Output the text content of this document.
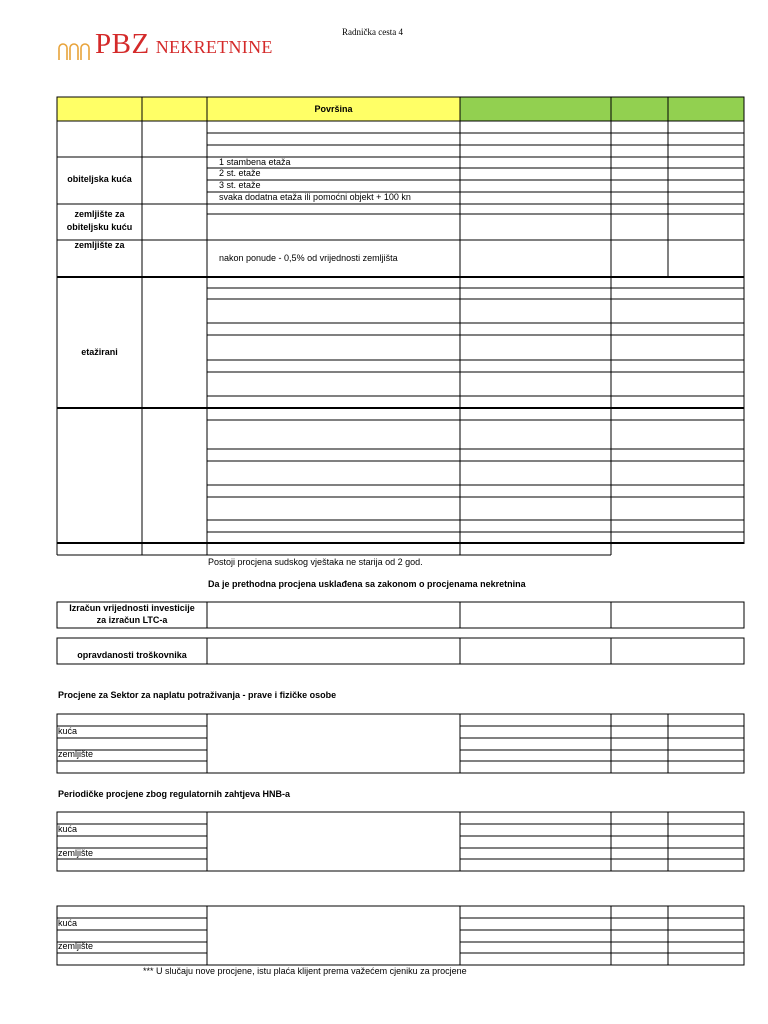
PBZ NEKRETNINE
Radnička cesta 4
Površina
obiteljska kuća
1 stambena etaža
2 st. etaže
3 st. etaže
svaka dodatna etaža ili pomoćni objekt + 100 kn
zemljište za
obiteljsku kuću
zemljište za
nakon ponude - 0,5% od vrijednosti zemljišta
etažirani
Postoji procjena sudskog vještaka ne starija od 2 god.
Da je prethodna procjena usklađena sa zakonom o procjenama nekretnina
Izračun vrijednosti investicije
za izračun LTC-a
opravdanosti troškovnika
Procjene za Sektor za naplatu potraživanja - prave i fizičke osobe
kuća
zemljište
Periodičke procjene zbog regulatornih zahtjeva HNB-a
kuća
zemljište
kuća
zemljište
*** U slučaju nove procjene, istu plaća klijent prema važećem cjeniku za procjene
